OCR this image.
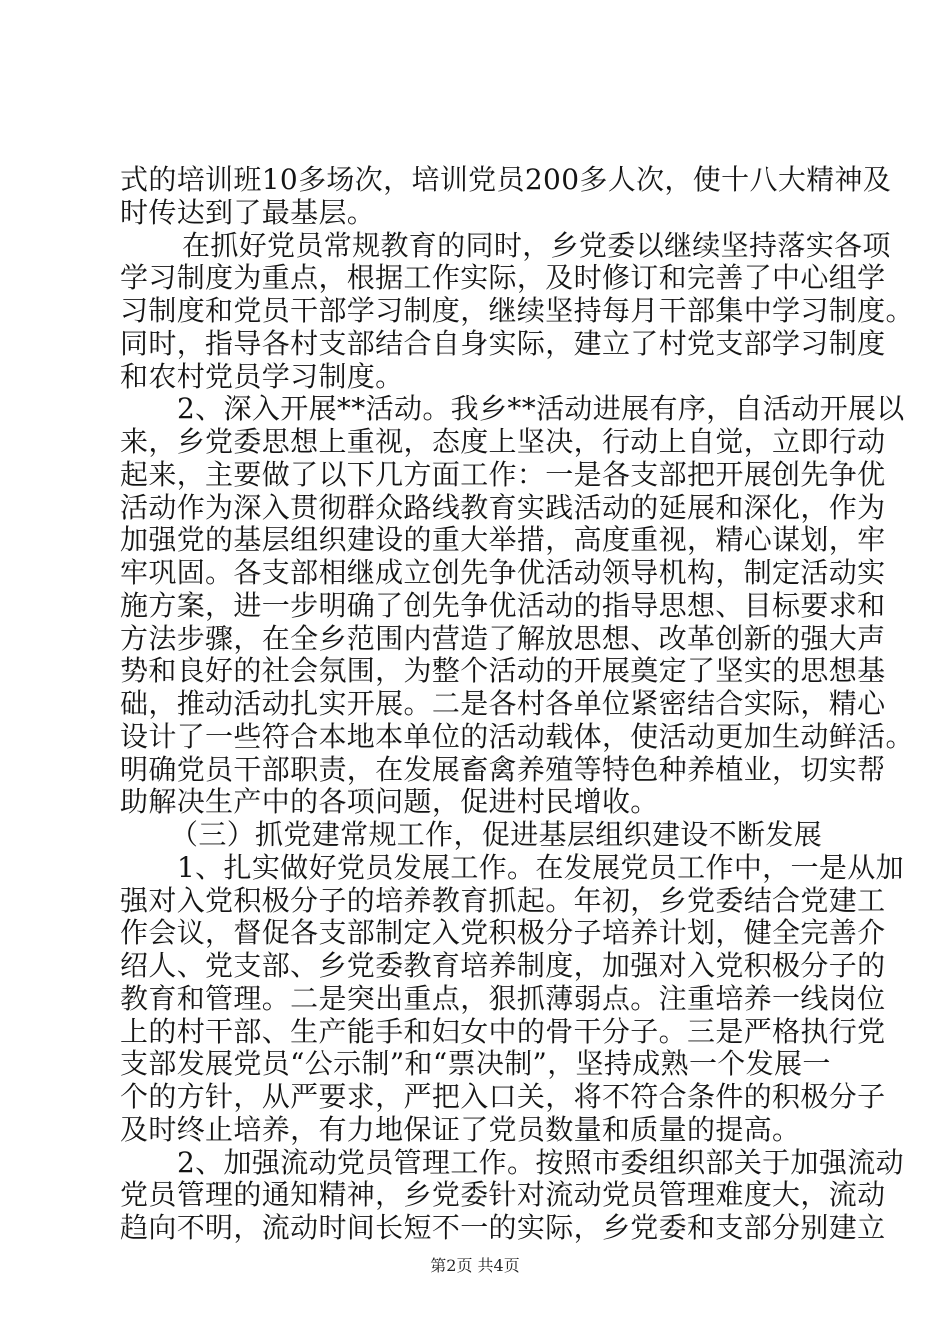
式的培训班10多场次，培训党员200多人次，使十八大精神及
时传达到了最基层。
在抓好党员常规教育的同时，乡党委以继续坚持落实各项
学习制度为重点，根据工作实际，及时修订和完善了中心组学
习制度和党员干部学习制度，继续坚持每月干部集中学习制度。
同时，指导各村支部结合自身实际，建立了村党支部学习制度
和农村党员学习制度。
2、深入开展**活动。我乡**活动进展有序，自活动开展以
来，乡党委思想上重视，态度上坚决，行动上自觉，立即行动
起来，主要做了以下几方面工作：一是各支部把开展创先争优
活动作为深入贯彻群众路线教育实践活动的延展和深化，作为
加强党的基层组织建设的重大举措，高度重视，精心谋划，牢
牢巩固。各支部相继成立创先争优活动领导机构，制定活动实
施方案，进一步明确了创先争优活动的指导思想、目标要求和
方法步骤，在全乡范围内营造了解放思想、改革创新的强大声
势和良好的社会氛围，为整个活动的开展奠定了坚实的思想基
础，推动活动扎实开展。二是各村各单位紧密结合实际，精心
设计了一些符合本地本单位的活动载体，使活动更加生动鲜活。
明确党员干部职责，在发展畜禽养殖等特色种养植业，切实帮
助解决生产中的各项问题，促进村民增收。
（三）抓党建常规工作，促进基层组织建设不断发展
1、扎实做好党员发展工作。在发展党员工作中，一是从加
强对入党积极分子的培养教育抓起。年初，乡党委结合党建工
作会议，督促各支部制定入党积极分子培养计划，健全完善介
绍人、党支部、乡党委教育培养制度，加强对入党积极分子的
教育和管理。二是突出重点，狠抓薄弱点。注重培养一线岗位
上的村干部、生产能手和妇女中的骨干分子。三是严格执行党
支部发展党员“公示制”和“票决制”，坚持成熟一个发展一
个的方针，从严要求，严把入口关，将不符合条件的积极分子
及时终止培养，有力地保证了党员数量和质量的提高。
2、加强流动党员管理工作。按照市委组织部关于加强流动
党员管理的通知精神，乡党委针对流动党员管理难度大，流动
趋向不明，流动时间长短不一的实际，乡党委和支部分别建立
第2页 共4页
